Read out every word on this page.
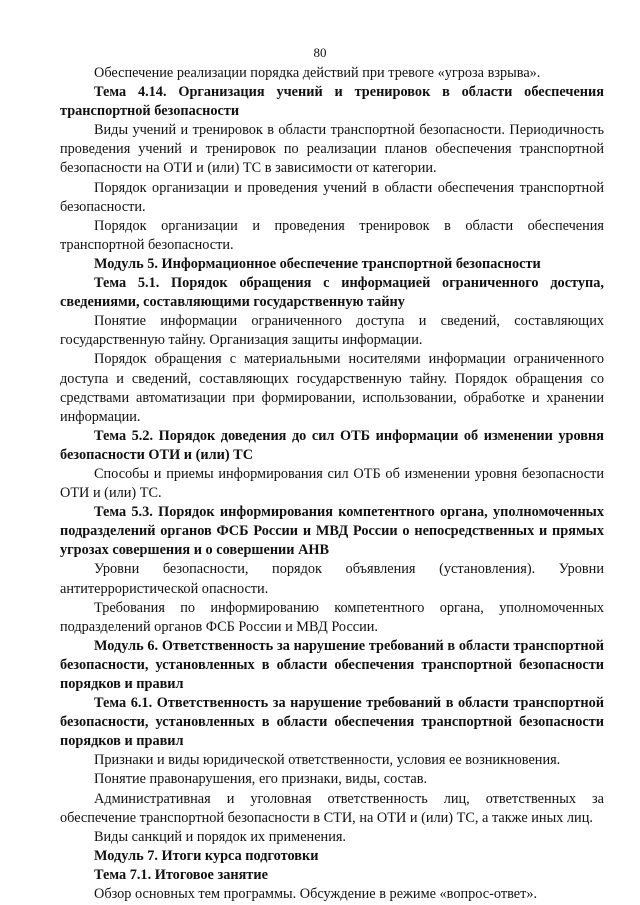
80

Обеспечение реализации порядка действий при тревоге «угроза взрыва».

Тема 4.14. Организация учений и тренировок в области обеспечения транспортной безопасности

Виды учений и тренировок в области транспортной безопасности. Периодичность проведения учений и тренировок по реализации планов обеспечения транспортной безопасности на ОТИ и (или) ТС в зависимости от категории.

Порядок организации и проведения учений в области обеспечения транспортной безопасности.

Порядок организации и проведения тренировок в области обеспечения транспортной безопасности.

Модуль 5. Информационное обеспечение транспортной безопасности

Тема 5.1. Порядок обращения с информацией ограниченного доступа, сведениями, составляющими государственную тайну

Понятие информации ограниченного доступа и сведений, составляющих государственную тайну. Организация защиты информации.

Порядок обращения с материальными носителями информации ограниченного доступа и сведений, составляющих государственную тайну. Порядок обращения со средствами автоматизации при формировании, использовании, обработке и хранении информации.

Тема 5.2. Порядок доведения до сил ОТБ информации об изменении уровня безопасности ОТИ и (или) ТС

Способы и приемы информирования сил ОТБ об изменении уровня безопасности ОТИ и (или) ТС.

Тема 5.3. Порядок информирования компетентного органа, уполномоченных подразделений органов ФСБ России и МВД России о непосредственных и прямых угрозах совершения и о совершении АНВ

Уровни безопасности, порядок объявления (установления). Уровни антитеррористической опасности.

Требования по информированию компетентного органа, уполномоченных подразделений органов ФСБ России и МВД России.

Модуль 6. Ответственность за нарушение требований в области транспортной безопасности, установленных в области обеспечения транспортной безопасности порядков и правил

Тема 6.1. Ответственность за нарушение требований в области транспортной безопасности, установленных в области обеспечения транспортной безопасности порядков и правил

Признаки и виды юридической ответственности, условия ее возникновения.

Понятие правонарушения, его признаки, виды, состав.

Административная и уголовная ответственность лиц, ответственных за обеспечение транспортной безопасности в СТИ, на ОТИ и (или) ТС, а также иных лиц.

Виды санкций и порядок их применения.

Модуль 7. Итоги курса подготовки

Тема 7.1. Итоговое занятие

Обзор основных тем программы. Обсуждение в режиме «вопрос-ответ».
